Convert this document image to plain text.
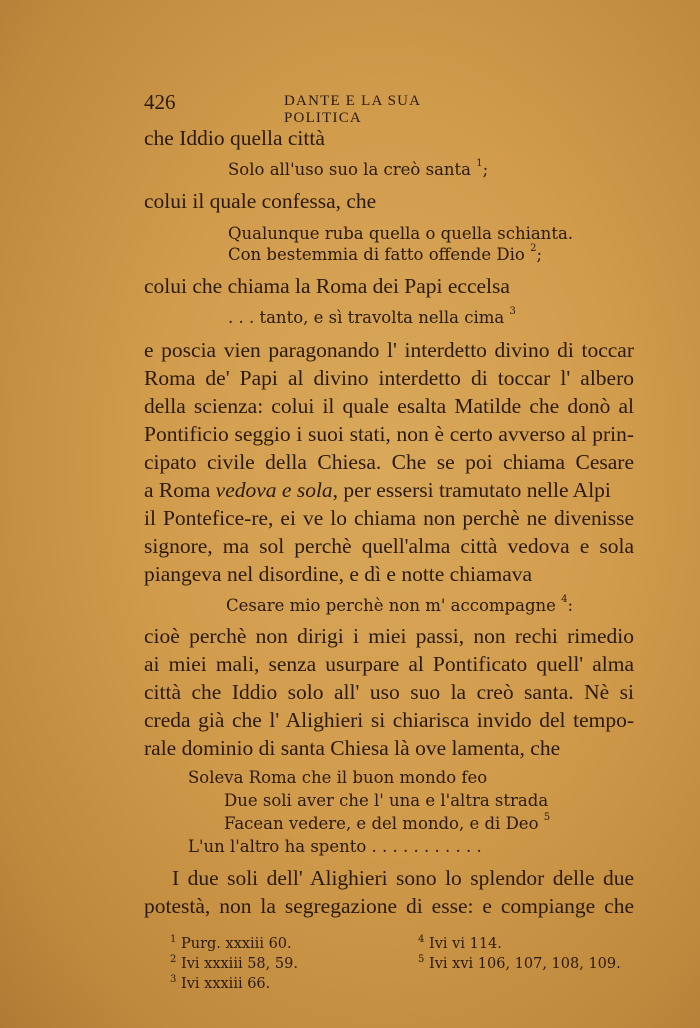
426	DANTE E LA SUA POLITICA
che Iddio quella città
Solo all'uso suo la creò santa $^1$;
colui il quale confessa, che
Qualunque ruba quella o quella schianta.
Con bestemmia di fatto offende Dio $^2$;
colui che chiama la Roma dei Papi eccelsa
. . . tanto, e sì travolta nella cima $^3$
e poscia vien paragonando l' interdetto divino di toccar
Roma de' Papi al divino interdetto di toccar l' albero
della scienza: colui il quale esalta Matilde che donò al
Pontificio seggio i suoi stati, non è certo avverso al prin-
cipato civile della Chiesa. Che se poi chiama Cesare
a Roma vedova e sola, per essersi tramutato nelle Alpi
il Pontefice-re, ei ve lo chiama non perchè ne divenisse
signore, ma sol perchè quell'alma città vedova e sola
piangeva nel disordine, e dì e notte chiamava
Cesare mio perchè non m' accompagne $^4$:
cioè perchè non dirigi i miei passi, non rechi rimedio
ai miei mali, senza usurpare al Pontificato quell' alma
città che Iddio solo all' uso suo la creò santa. Nè si
creda già che l' Alighieri si chiarisca invido del tempo-
rale dominio di santa Chiesa là ove lamenta, che
Soleva Roma che il buon mondo feo
Due soli aver che l' una e l'altra strada
Facean vedere, e del mondo, e di Deo $^5$
L'un l'altro ha spento . . . . . . . . . . .
I due soli dell' Alighieri sono lo splendor delle due
potestà, non la segregazione di esse: e compiange che
$^1$ Purg. xxxiii 60.
$^2$ Ivi xxxiii 58, 59.
$^3$ Ivi xxxiii 66.
$^4$ Ivi vi 114.
$^5$ Ivi xvi 106, 107, 108, 109.
